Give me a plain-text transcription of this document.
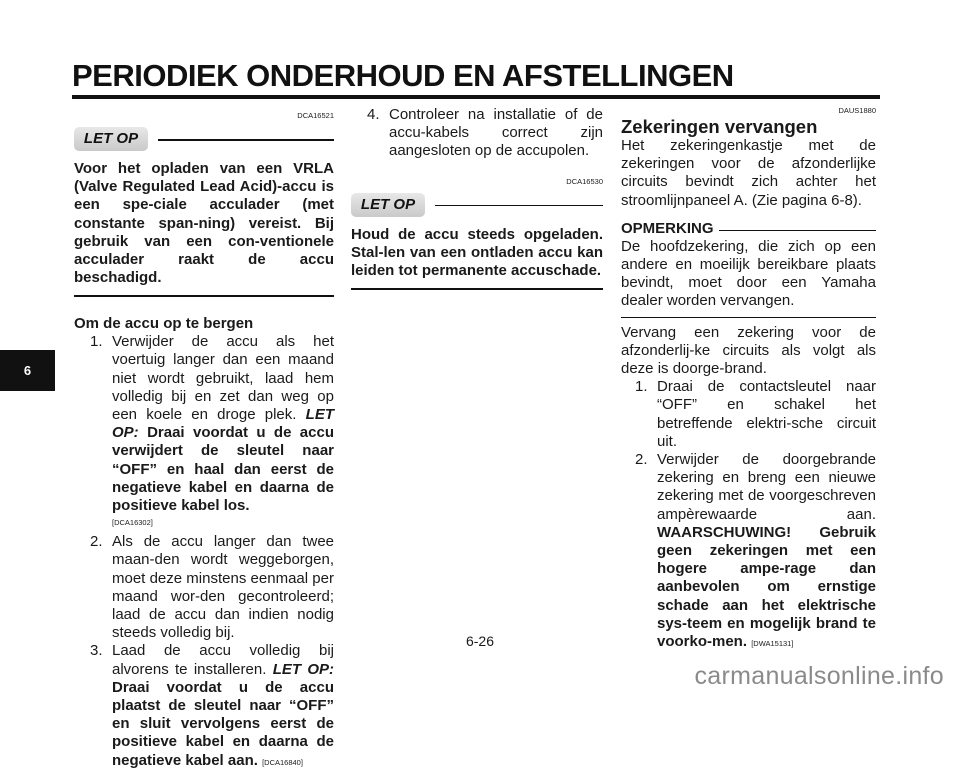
PERIODIEK ONDERHOUD EN AFSTELLINGEN
6

DCA16521

LET OP

Voor het opladen van een VRLA (Valve Regulated Lead Acid)-accu is een spe-ciale acculader (met constante span-ning) vereist. Bij gebruik van een con-ventionele acculader raakt de accu beschadigd.

Om de accu op te bergen

1. Verwijder de accu als het voertuig langer dan een maand niet wordt gebruikt, laad hem volledig bij en zet dan weg op een koele en droge plek. LET OP: Draai voordat u de accu verwijdert de sleutel naar “OFF” en haal dan eerst de negatieve kabel en daarna de positieve kabel los.
[DCA16302]
2. Als de accu langer dan twee maan-den wordt weggeborgen, moet deze minstens eenmaal per maand wor-den gecontroleerd; laad de accu dan indien nodig steeds volledig bij.
3. Laad de accu volledig bij alvorens te installeren. LET OP: Draai voordat u de accu plaatst de sleutel naar “OFF” en sluit vervolgens eerst de positieve kabel en daarna de negatieve kabel aan. [DCA16840]
4. Controleer na installatie of de accu-kabels correct zijn aangesloten op de accupolen.

DCA16530

LET OP

Houd de accu steeds opgeladen. Stal-len van een ontladen accu kan leiden tot permanente accuschade.

DAUS1880

Zekeringen vervangen

Het zekeringenkastje met de zekeringen voor de afzonderlijke circuits bevindt zich achter het stroomlijnpaneel A. (Zie pagina 6-8).

OPMERKING

De hoofdzekering, die zich op een andere en moeilijk bereikbare plaats bevindt, moet door een Yamaha dealer worden vervangen.

Vervang een zekering voor de afzonderlij-ke circuits als volgt als deze is doorge-brand.

1. Draai de contactsleutel naar “OFF” en schakel het betreffende elektri-sche circuit uit.
2. Verwijder de doorgebrande zekering en breng een nieuwe zekering met de voorgeschreven ampèrewaarde aan. WAARSCHUWING! Gebruik geen zekeringen met een hogere ampe-rage dan aanbevolen om ernstige schade aan het elektrische sys-teem en mogelijk brand te voorko-men. [DWA15131]
6-26
carmanualsonline.info
